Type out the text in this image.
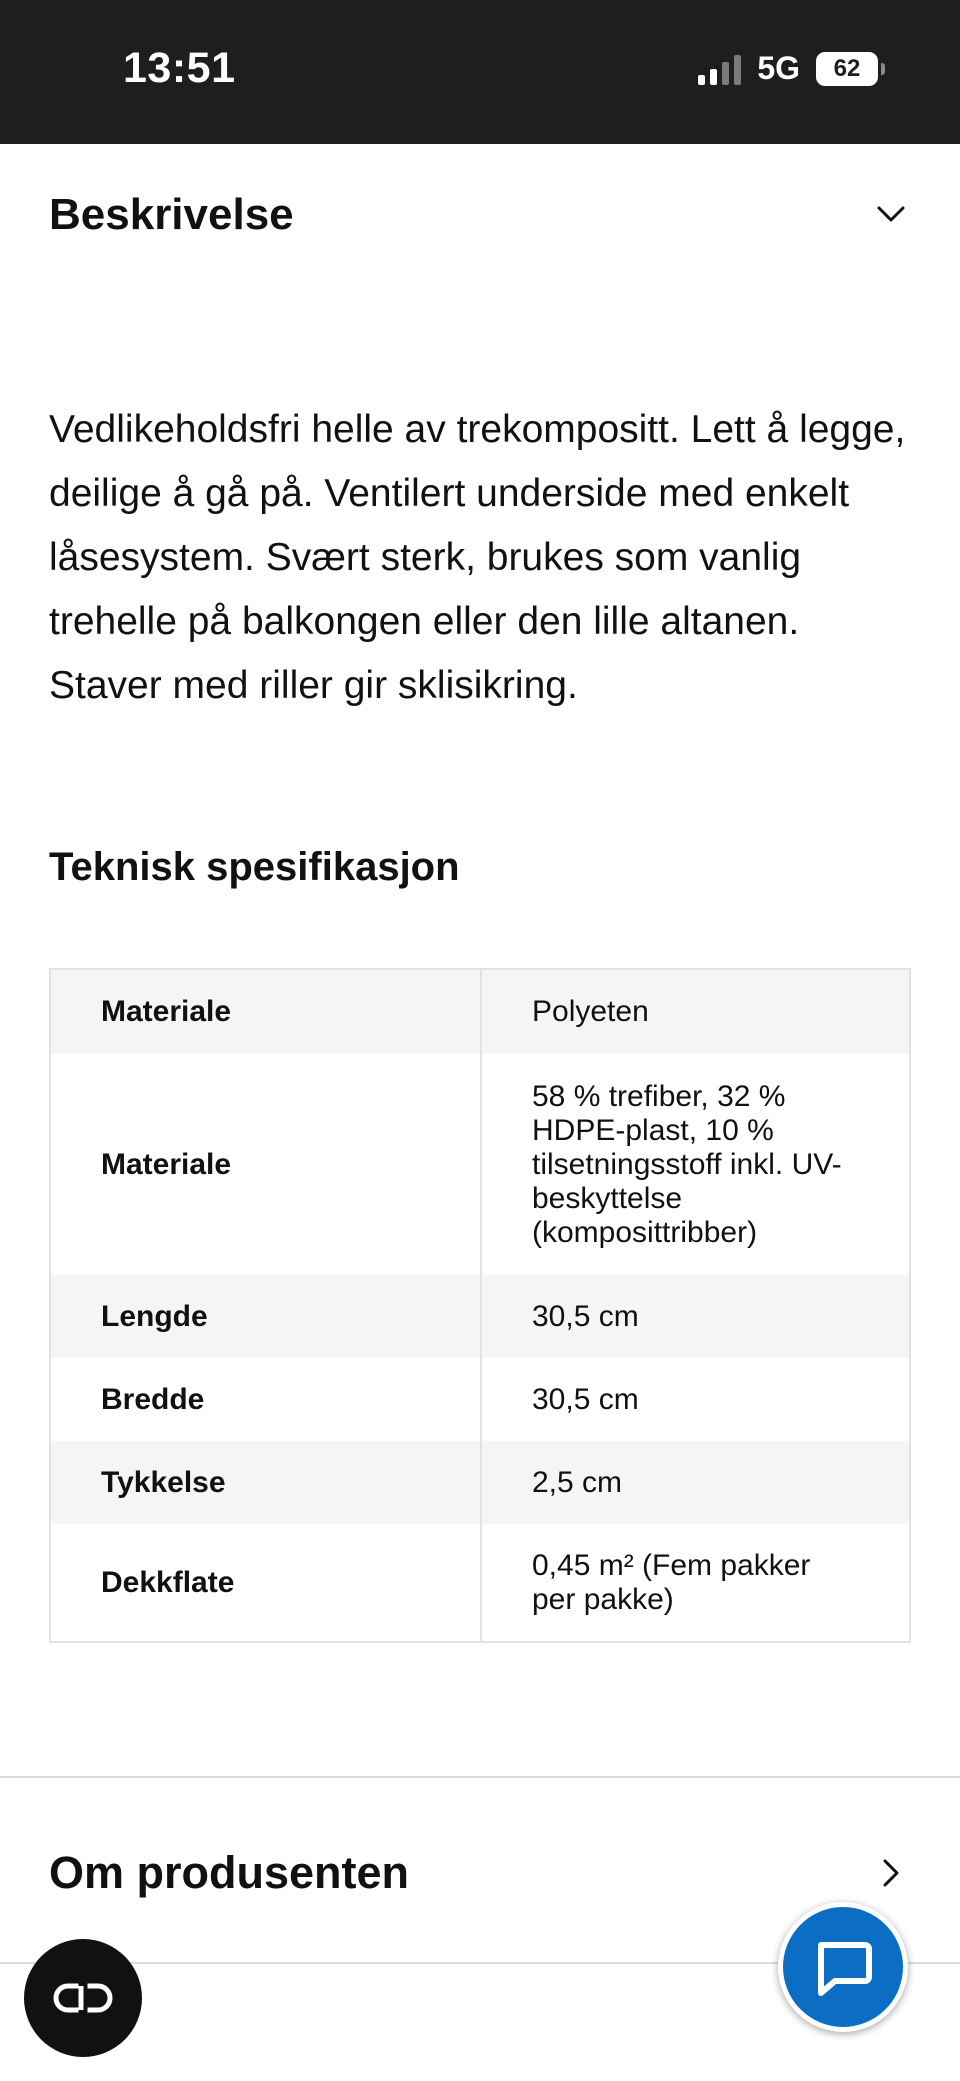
13:51	5G 62
Beskrivelse

Vedlikeholdsfri helle av trekompositt. Lett å legge, deilige å gå på. Ventilert underside med enkelt låsesystem. Svært sterk, brukes som vanlig trehelle på balkongen eller den lille altanen. Staver med riller gir sklisikring.

Teknisk spesifikasjon
Materiale	Polyeten
Materiale	58 % trefiber, 32 % HDPE-plast, 10 % tilsetningsstoff inkl. UV-beskyttelse (komposittribber)
Lengde	30,5 cm
Bredde	30,5 cm
Tykkelse	2,5 cm
Dekkflate	0,45 m² (Fem pakker per pakke)
Om produsenten
